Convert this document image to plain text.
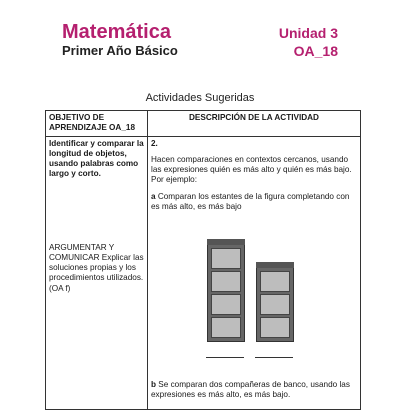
Matemática
Primer Año Básico
Unidad 3
OA_18
Actividades Sugeridas
OBJETIVO DE APRENDIZAJE OA_18	DESCRIPCIÓN DE LA ACTIVIDAD

Identificar y comparar la longitud de objetos, usando palabras como largo y corto.
ARGUMENTAR Y COMUNICAR Explicar las soluciones propias y los procedimientos utilizados. (OA f)	2.
Hacen comparaciones en contextos cercanos, usando las expresiones quién es más alto y quién es más bajo. Por ejemplo:
a Comparan los estantes de la figura completando con es más alto, es más bajo
b Se comparan dos compañeras de banco, usando las expresiones es más alto, es más bajo.
